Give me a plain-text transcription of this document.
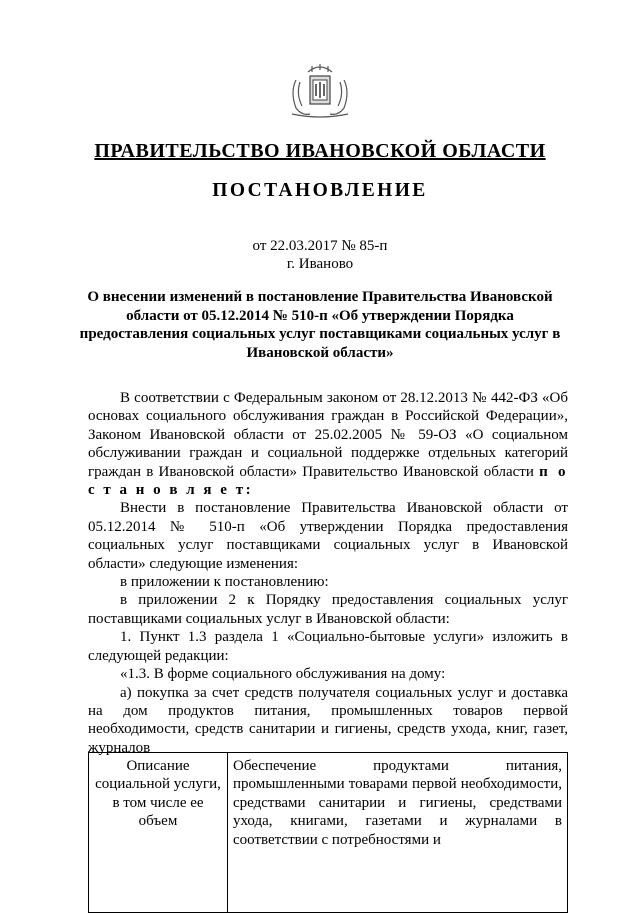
ПРАВИТЕЛЬСТВО ИВАНОВСКОЙ ОБЛАСТИ
ПОСТАНОВЛЕНИЕ
от 22.03.2017 № 85-п
г. Иваново
О внесении изменений в постановление Правительства Ивановской области от 05.12.2014 № 510-п «Об утверждении Порядка предоставления социальных услуг поставщиками социальных услуг в Ивановской области»

В соответствии с Федеральным законом от 28.12.2013 № 442-ФЗ «Об основах социального обслуживания граждан в Российской Федерации», Законом Ивановской области от 25.02.2005 № 59-ОЗ «О социальном обслуживании граждан и социальной поддержке отдельных категорий граждан в Ивановской области» Правительство Ивановской области п о с т а н о в л я е т:

Внести в постановление Правительства Ивановской области от 05.12.2014 № 510-п «Об утверждении Порядка предоставления социальных услуг поставщиками социальных услуг в Ивановской области» следующие изменения:

в приложении к постановлению:

в приложении 2 к Порядку предоставления социальных услуг поставщиками социальных услуг в Ивановской области:

1. Пункт 1.3 раздела 1 «Социально-бытовые услуги» изложить в следующей редакции:

«1.3. В форме социального обслуживания на дому:

а) покупка за счет средств получателя социальных услуг и доставка на дом продуктов питания, промышленных товаров первой необходимости, средств санитарии и гигиены, средств ухода, книг, газет, журналов

Описание социальной услуги, в том числе ее объем	Обеспечение продуктами питания, промышленными товарами первой необходимости, средствами санитарии и гигиены, средствами ухода, книгами, газетами и журналами в соответствии с потребностями и
